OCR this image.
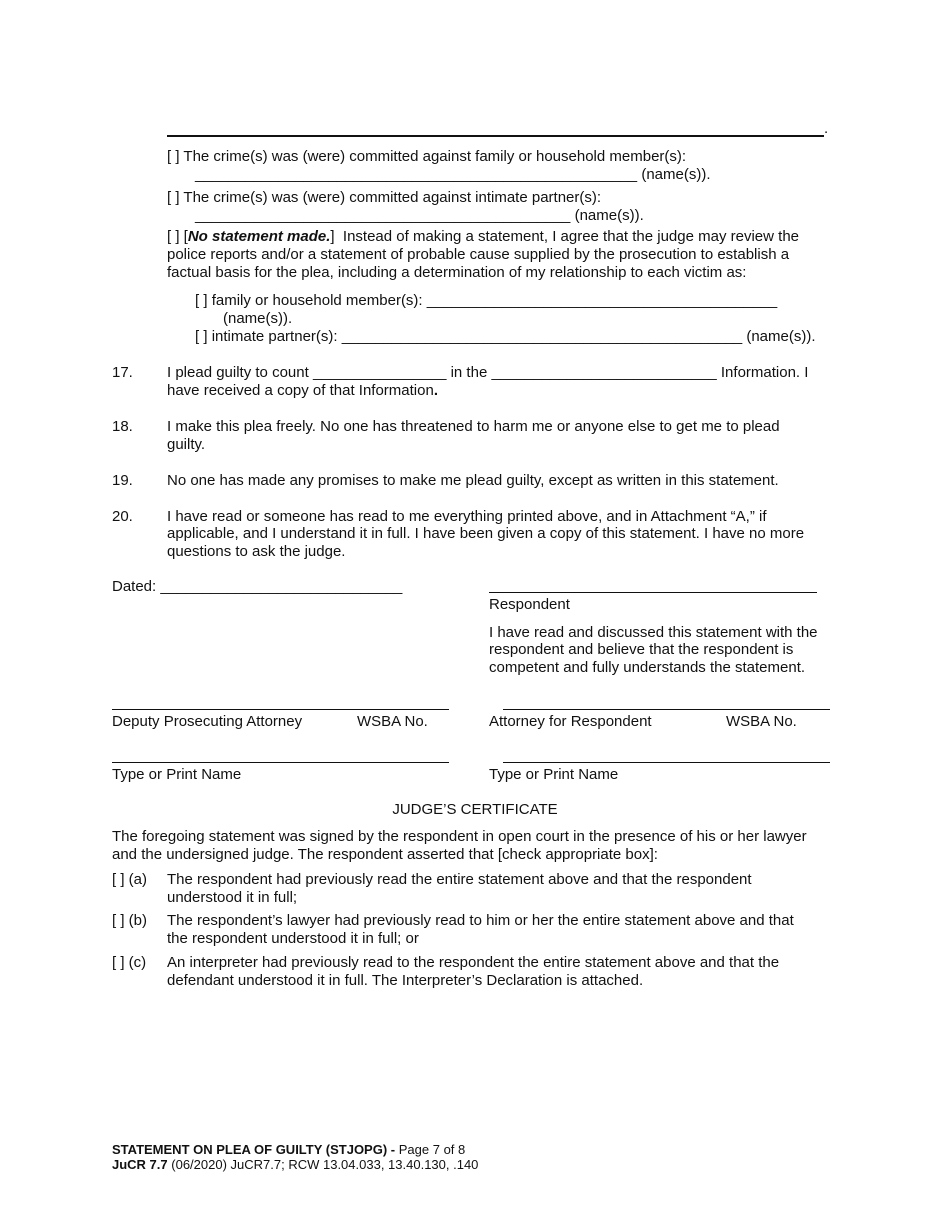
.
[ ] The crime(s) was (were) committed against family or household member(s):
_____________________________________________________ (name(s)).
[ ] The crime(s) was (were) committed against intimate partner(s):
_____________________________________________ (name(s)).
[ ] [No statement made.] Instead of making a statement, I agree that the judge may review the
police reports and/or a statement of probable cause supplied by the prosecution to establish a
factual basis for the plea, including a determination of my relationship to each victim as:
[ ] family or household member(s): __________________________________________
(name(s)).
[ ] intimate partner(s): ________________________________________________ (name(s)).
17. I plead guilty to count ________________ in the ___________________________ Information. I
have received a copy of that Information.
18. I make this plea freely. No one has threatened to harm me or anyone else to get me to plead
guilty.
19. No one has made any promises to make me plead guilty, except as written in this statement.
20. I have read or someone has read to me everything printed above, and in Attachment “A,” if
applicable, and I understand it in full. I have been given a copy of this statement. I have no more
questions to ask the judge.
Dated: _____________________________
Respondent
I have read and discussed this statement with the
respondent and believe that the respondent is
competent and fully understands the statement.
Deputy Prosecuting Attorney	WSBA No.	Attorney for Respondent	WSBA No.
Type or Print Name	Type or Print Name
JUDGE’S CERTIFICATE
The foregoing statement was signed by the respondent in open court in the presence of his or her lawyer
and the undersigned judge. The respondent asserted that [check appropriate box]:
[ ] (a) The respondent had previously read the entire statement above and that the respondent
understood it in full;
[ ] (b) The respondent’s lawyer had previously read to him or her the entire statement above and that
the respondent understood it in full; or
[ ] (c) An interpreter had previously read to the respondent the entire statement above and that the
defendant understood it in full. The Interpreter’s Declaration is attached.
STATEMENT ON PLEA OF GUILTY (STJOPG) - Page 7 of 8
JuCR 7.7 (06/2020) JuCR7.7; RCW 13.04.033, 13.40.130, .140
